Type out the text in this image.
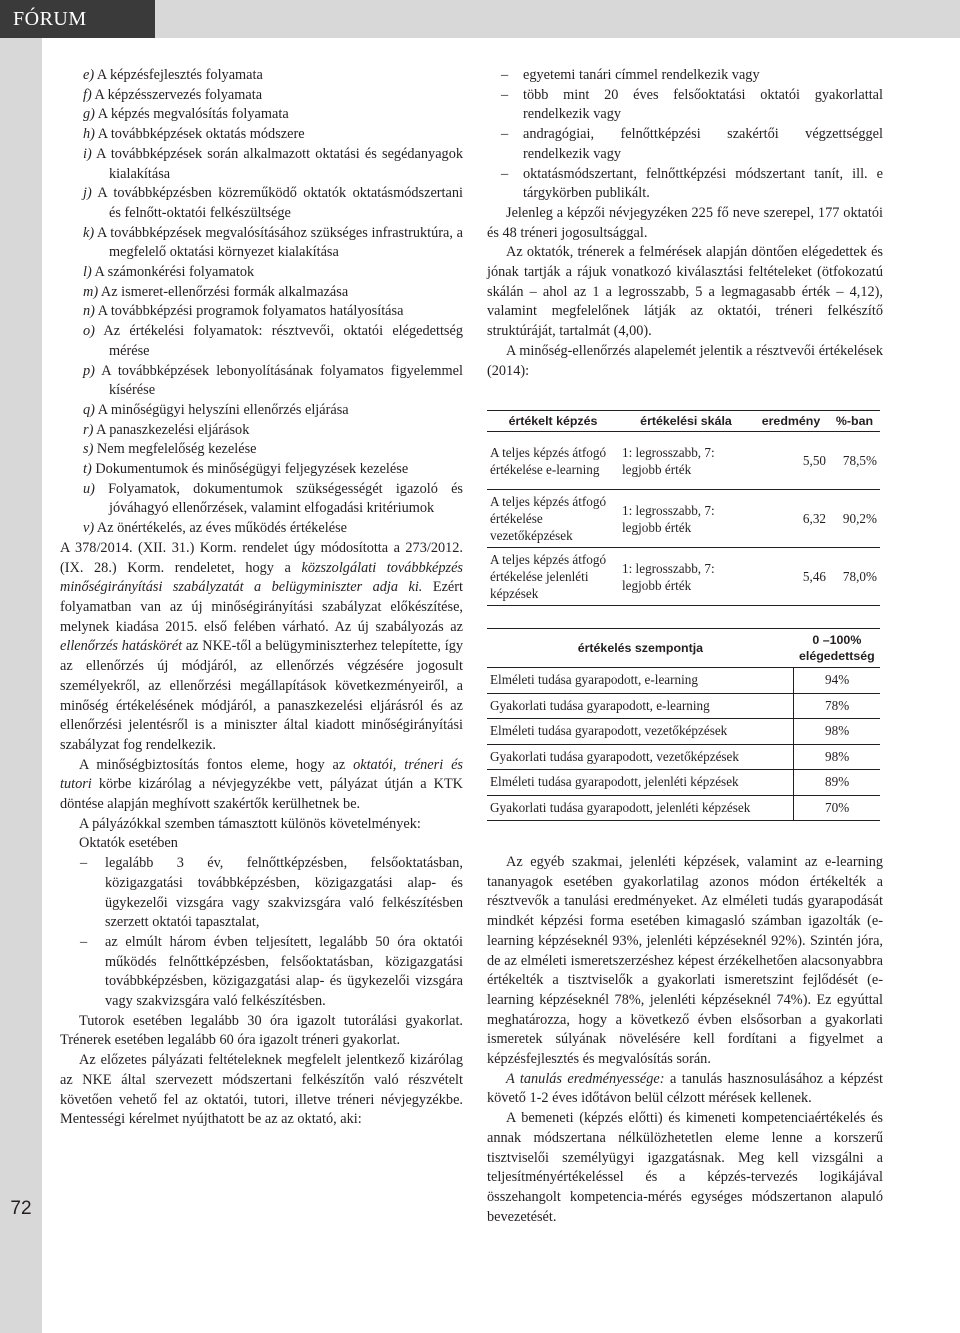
FÓRUM
72
e) A képzésfejlesztés folyamata
f) A képzésszervezés folyamata
g) A képzés megvalósítás folyamata
h) A továbbképzések oktatás módszere
i) A továbbképzések során alkalmazott oktatási és segédanyagok kialakítása
j) A továbbképzésben közreműködő oktatók oktatásmódszertani és felnőtt-oktatói felkészültsége
k) A továbbképzések megvalósításához szükséges infrastruktúra, a megfelelő oktatási környezet kialakítása
l) A számonkérési folyamatok
m) Az ismeret-ellenőrzési formák alkalmazása
n) A továbbképzési programok folyamatos hatályosítása
o) Az értékelési folyamatok: résztvevői, oktatói elégedettség mérése
p) A továbbképzések lebonyolításának folyamatos figyelemmel kísérése
q) A minőségügyi helyszíni ellenőrzés eljárása
r) A panaszkezelési eljárások
s) Nem megfelelőség kezelése
t) Dokumentumok és minőségügyi feljegyzések kezelése
u) Folyamatok, dokumentumok szükségességét igazoló és jóváhagyó ellenőrzések, valamint elfogadási kritériumok
v) Az önértékelés, az éves működés értékelése

A 378/2014. (XII. 31.) Korm. rendelet úgy módosította a 273/2012. (IX. 28.) Korm. rendeletet, hogy a közszolgálati továbbképzés minőségirányítási szabályzatát a belügyminiszter adja ki. Ezért folyamatban van az új minőségirányítási szabályzat előkészítése, melynek kiadása 2015. első felében várható. Az új szabályozás az ellenőrzés hatáskörét az NKE-től a belügyminiszterhez telepítette, így az ellenőrzés új módjáról, az ellenőrzés végzésére jogosult személyekről, az ellenőrzési megállapítások következményeiről, a minőség értékelésének módjáról, a panaszkezelési eljárásról és az ellenőrzési jelentésről is a miniszter által kiadott minőségirányítási szabályzat fog rendelkezik.

A minőségbiztosítás fontos eleme, hogy az oktatói, tréneri és tutori körbe kizárólag a névjegyzékbe vett, pályázat útján a KTK döntése alapján meghívott szakértők kerülhetnek be.

A pályázókkal szemben támasztott különös követelmények:

Oktatók esetében

– legalább 3 év, felnőttképzésben, felsőoktatásban, közigazgatási továbbképzésben, közigazgatási alap- és ügykezelői vizsgára vagy szakvizsgára való felkészítésben szerzett oktatói tapasztalat,
– az elmúlt három évben teljesített, legalább 50 óra oktatói működés felnőttképzésben, felsőoktatásban, közigazgatási továbbképzésben, közigazgatási alap- és ügykezelői vizsgára vagy szakvizsgára való felkészítésben.

Tutorok esetében legalább 30 óra igazolt tutorálási gyakorlat. Trénerek esetében legalább 60 óra igazolt tréneri gyakorlat.

Az előzetes pályázati feltételeknek megfelelt jelentkező kizárólag az NKE által szervezett módszertani felkészítőn való részvételt követően vehető fel az oktatói, tutori, illetve tréneri névjegyzékbe. Mentességi kérelmet nyújthatott be az az oktató, aki:

– egyetemi tanári címmel rendelkezik vagy
– több mint 20 éves felsőoktatási oktatói gyakorlattal rendelkezik vagy
– andragógiai, felnőttképzési szakértői végzettséggel rendelkezik vagy
– oktatásmódszertant, felnőttképzési módszertant tanít, ill. e tárgykörben publikált.

Jelenleg a képzői névjegyzéken 225 fő neve szerepel, 177 oktatói és 48 tréneri jogosultsággal.

Az oktatók, trénerek a felmérések alapján döntően elégedettek és jónak tartják a rájuk vonatkozó kiválasztási feltételeket (ötfokozatú skálán – ahol az 1 a legrosszabb, 5 a legmagasabb érték – 4,12), valamint megfelelőnek látják az oktatói, tréneri felkészítő struktúráját, tartalmát (4,00).

A minőség-ellenőrzés alapelemét jelentik a résztvevői értékelések (2014):

értékelt képzés	értékelési skála	eredmény	%-ban
A teljes képzés átfogó értékelése e-learning	1: legrosszabb, 7: legjobb érték	5,50	78,5%
A teljes képzés átfogó értékelése vezetőképzések	1: legrosszabb, 7: legjobb érték	6,32	90,2%
A teljes képzés átfogó értékelése jelenléti képzések	1: legrosszabb, 7: legjobb érték	5,46	78,0%
értékelés szempontja	0 –100% elégedettség
Elméleti tudása gyarapodott, e-learning	94%
Gyakorlati tudása gyarapodott, e-learning	78%
Elméleti tudása gyarapodott, vezetőképzések	98%
Gyakorlati tudása gyarapodott, vezetőképzések	98%
Elméleti tudása gyarapodott, jelenléti képzések	89%
Gyakorlati tudása gyarapodott, jelenléti képzések	70%

Az egyéb szakmai, jelenléti képzések, valamint az e-learning tananyagok esetében gyakorlatilag azonos módon értékelték a résztvevők a tanulási eredményeket. Az elméleti tudás gyarapodását mindkét képzési forma esetében kimagasló számban igazolták (e-learning képzéseknél 93%, jelenléti képzéseknél 92%). Szintén jóra, de az elméleti ismeretszerzéshez képest érzékelhetően alacsonyabbra értékelték a tisztviselők a gyakorlati ismeretszint fejlődését (e-learning képzéseknél 78%, jelenléti képzéseknél 74%). Ez egyúttal meghatározza, hogy a következő évben elsősorban a gyakorlati ismeretek súlyának növelésére kell fordítani a figyelmet a képzésfejlesztés és megvalósítás során.

A tanulás eredményessége: a tanulás hasznosulásához a képzést követő 1-2 éves időtávon belül célzott mérések kellenek.

A bemeneti (képzés előtti) és kimeneti kompetenciaértékelés és annak módszertana nélkülözhetetlen eleme lenne a korszerű tisztviselői személyügyi igazgatásnak. Meg kell vizsgálni a teljesítményértékeléssel és a képzés-tervezés logikájával összehangolt kompetencia-mérés egységes módszertanon alapuló bevezetését.
